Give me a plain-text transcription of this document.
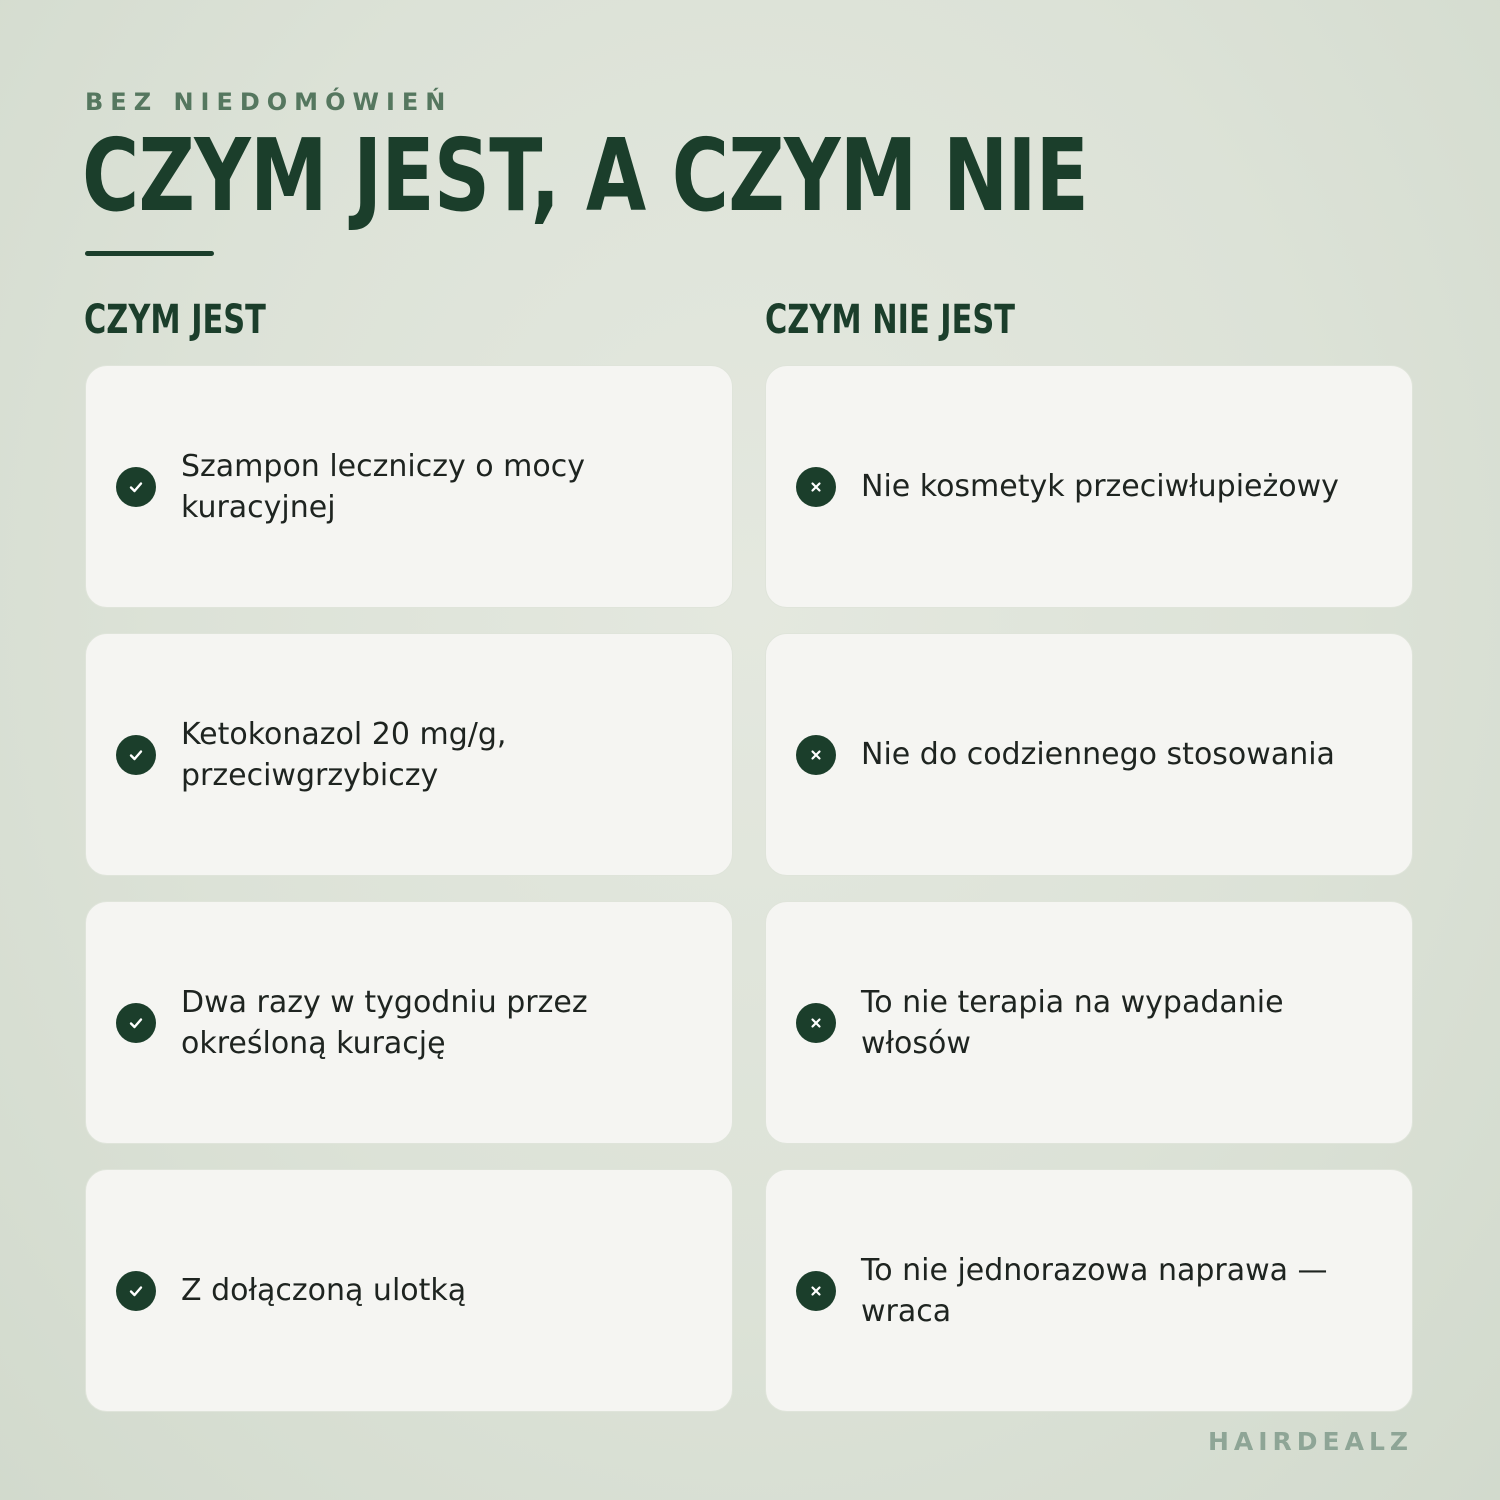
BEZ NIEDOMÓWIEŃ
CZYM JEST, A CZYM NIE
CZYM JEST	CZYM NIE JEST
Szampon leczniczy o mocy kuracyjnej
Ketokonazol 20 mg/g, przeciwgrzybiczy
Dwa razy w tygodniu przez określoną kurację
Z dołączoną ulotką
Nie kosmetyk przeciwłupieżowy
Nie do codziennego stosowania
To nie terapia na wypadanie włosów
To nie jednorazowa naprawa — wraca
HAIRDEALZ
